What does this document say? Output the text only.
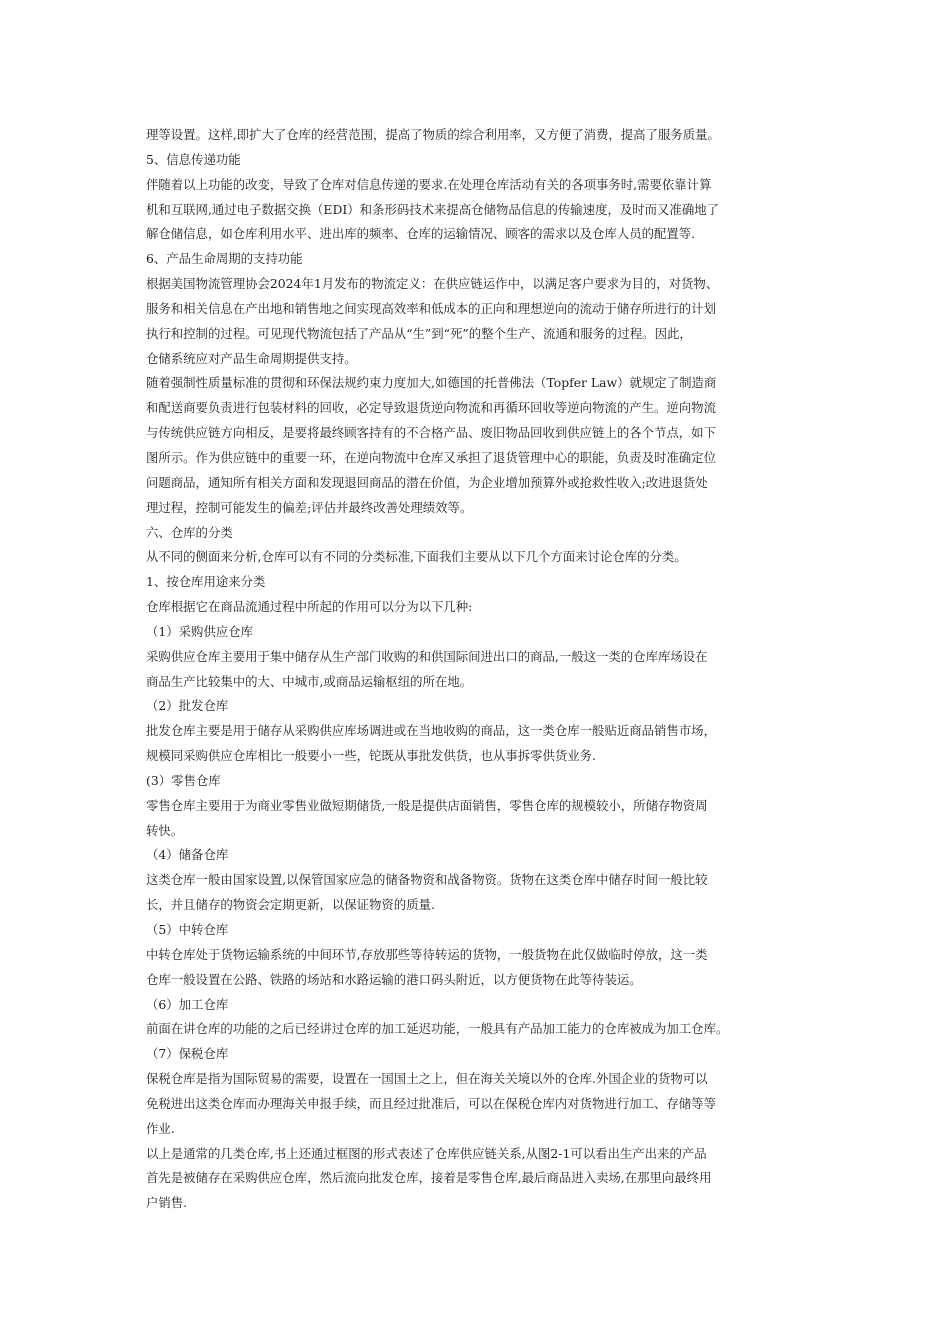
理等设置。这样,即扩大了仓库的经营范围，提高了物质的综合利用率，又方便了消费，提高了服务质量。
5、信息传递功能
伴随着以上功能的改变，导致了仓库对信息传递的要求.在处理仓库活动有关的各项事务时,需要依靠计算
机和互联网,通过电子数据交换（EDI）和条形码技术来提高仓储物品信息的传输速度，及时而又准确地了
解仓储信息，如仓库利用水平、进出库的频率、仓库的运输情况、顾客的需求以及仓库人员的配置等.
6、产品生命周期的支持功能
根据美国物流管理协会2024年1月发布的物流定义：在供应链运作中，以满足客户要求为目的，对货物、
服务和相关信息在产出地和销售地之间实现高效率和低成本的正向和理想逆向的流动于储存所进行的计划
执行和控制的过程。可见现代物流包括了产品从“生”到“死”的整个生产、流通和服务的过程。因此，
仓储系统应对产品生命周期提供支持。
随着强制性质量标准的贯彻和环保法规约束力度加大,如德国的托普佛法（Topfer Law）就规定了制造商
和配送商要负责进行包装材料的回收，必定导致退货逆向物流和再循环回收等逆向物流的产生。逆向物流
与传统供应链方向相反，是要将最终顾客持有的不合格产品、废旧物品回收到供应链上的各个节点，如下
图所示。作为供应链中的重要一环，在逆向物流中仓库又承担了退货管理中心的职能，负责及时准确定位
问题商品，通知所有相关方面和发现退回商品的潜在价值，为企业增加预算外或抢救性收入;改进退货处
理过程，控制可能发生的偏差;评估并最终改善处理绩效等。
六、仓库的分类
从不同的侧面来分析,仓库可以有不同的分类标准,下面我们主要从以下几个方面来讨论仓库的分类。
1、按仓库用途来分类
仓库根据它在商品流通过程中所起的作用可以分为以下几种:
（1）采购供应仓库
采购供应仓库主要用于集中储存从生产部门收购的和供国际间进出口的商品,一般这一类的仓库库场设在
商品生产比较集中的大、中城市,或商品运输枢纽的所在地。
（2）批发仓库
批发仓库主要是用于储存从采购供应库场调进或在当地收购的商品，这一类仓库一般贴近商品销售市场，
规模同采购供应仓库相比一般要小一些，铊既从事批发供货，也从事拆零供货业务.
(3）零售仓库
零售仓库主要用于为商业零售业做短期储货,一般是提供店面销售，零售仓库的规模较小，所储存物资周
转快。
（4）储备仓库
这类仓库一般由国家设置,以保管国家应急的储备物资和战备物资。货物在这类仓库中储存时间一般比较
长，并且储存的物资会定期更新，以保证物资的质量.
（5）中转仓库
中转仓库处于货物运输系统的中间环节,存放那些等待转运的货物，一般货物在此仅做临时停放，这一类
仓库一般设置在公路、铁路的场站和水路运输的港口码头附近，以方便货物在此等待装运。
（6）加工仓库
前面在讲仓库的功能的之后已经讲过仓库的加工延迟功能，一般具有产品加工能力的仓库被成为加工仓库。
（7）保税仓库
保税仓库是指为国际贸易的需要，设置在一国国土之上，但在海关关境以外的仓库.外国企业的货物可以
免税进出这类仓库而办理海关申报手续，而且经过批准后，可以在保税仓库内对货物进行加工、存储等等
作业.
以上是通常的几类仓库,书上还通过框图的形式表述了仓库供应链关系,从图2-1可以看出生产出来的产品
首先是被储存在采购供应仓库，然后流向批发仓库，接着是零售仓库,最后商品进入卖场,在那里向最终用
户销售.
